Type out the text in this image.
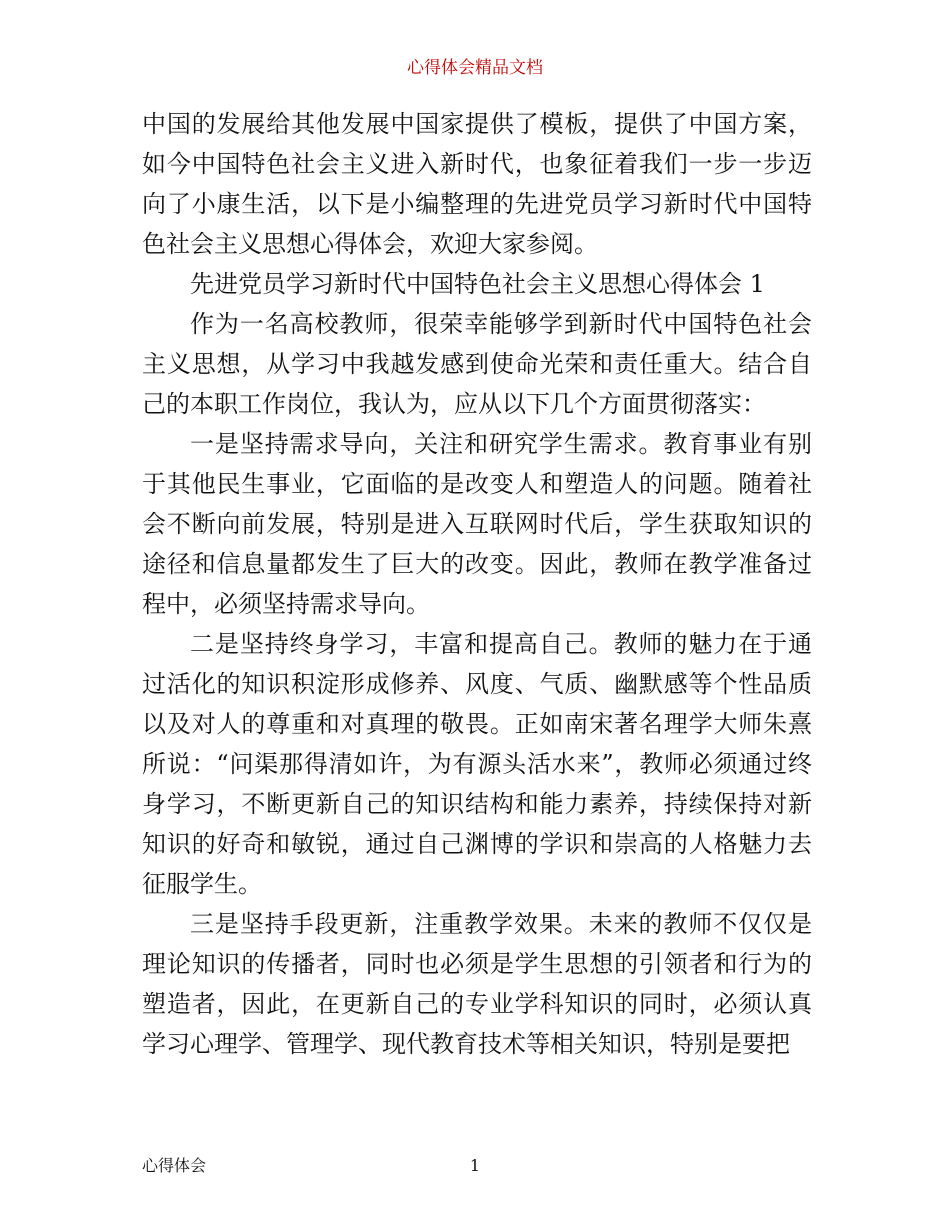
心得体会精品文档

中国的发展给其他发展中国家提供了模板，提供了中国方案，如今中国特色社会主义进入新时代，也象征着我们一步一步迈向了小康生活，以下是小编整理的先进党员学习新时代中国特色社会主义思想心得体会，欢迎大家参阅。

先进党员学习新时代中国特色社会主义思想心得体会 1

作为一名高校教师，很荣幸能够学到新时代中国特色社会主义思想，从学习中我越发感到使命光荣和责任重大。结合自己的本职工作岗位，我认为，应从以下几个方面贯彻落实：

一是坚持需求导向，关注和研究学生需求。教育事业有别于其他民生事业，它面临的是改变人和塑造人的问题。随着社会不断向前发展，特别是进入互联网时代后，学生获取知识的途径和信息量都发生了巨大的改变。因此，教师在教学准备过程中，必须坚持需求导向。

二是坚持终身学习，丰富和提高自己。教师的魅力在于通过活化的知识积淀形成修养、风度、气质、幽默感等个性品质以及对人的尊重和对真理的敬畏。正如南宋著名理学大师朱熹所说：“问渠那得清如许，为有源头活水来”，教师必须通过终身学习，不断更新自己的知识结构和能力素养，持续保持对新知识的好奇和敏锐，通过自己渊博的学识和崇高的人格魅力去征服学生。

三是坚持手段更新，注重教学效果。未来的教师不仅仅是理论知识的传播者，同时也必须是学生思想的引领者和行为的塑造者，因此，在更新自己的专业学科知识的同时，必须认真学习心理学、管理学、现代教育技术等相关知识，特别是要把

心得体会	1
